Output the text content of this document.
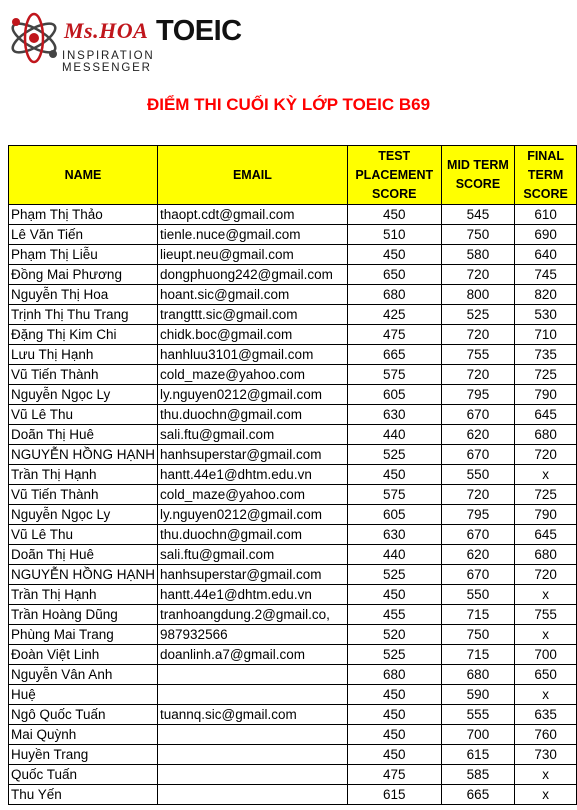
Ms.HOA TOEIC
INSPIRATION MESSENGER
ĐIỂM THI CUỐI KỲ LỚP TOEIC B69
NAME	EMAIL	TEST PLACEMENT SCORE	MID TERM SCORE	FINAL TERM SCORE
Phạm Thị Thảo	thaopt.cdt@gmail.com	450	545	610
Lê Văn Tiến	tienle.nuce@gmail.com	510	750	690
Phạm Thị Liễu	lieupt.neu@gmail.com	450	580	640
Đồng Mai Phương	dongphuong242@gmail.com	650	720	745
Nguyễn Thị Hoa	hoant.sic@gmail.com	680	800	820
Trịnh Thị Thu Trang	trangttt.sic@gmail.com	425	525	530
Đặng Thị Kim Chi	chidk.boc@gmail.com	475	720	710
Lưu Thị Hạnh	hanhluu3101@gmail.com	665	755	735
Vũ Tiến Thành	cold_maze@yahoo.com	575	720	725
Nguyễn Ngọc Ly	ly.nguyen0212@gmail.com	605	795	790
Vũ Lê Thu	thu.duochn@gmail.com	630	670	645
Doãn Thị Huê	sali.ftu@gmail.com	440	620	680
NGUYỄN HỒNG HẠNH	hanhsuperstar@gmail.com	525	670	720
Trần Thị Hạnh	hantt.44e1@dhtm.edu.vn	450	550	x
Vũ Tiến Thành	cold_maze@yahoo.com	575	720	725
Nguyễn Ngọc Ly	ly.nguyen0212@gmail.com	605	795	790
Vũ Lê Thu	thu.duochn@gmail.com	630	670	645
Doãn Thị Huê	sali.ftu@gmail.com	440	620	680
NGUYỄN HỒNG HẠNH	hanhsuperstar@gmail.com	525	670	720
Trần Thị Hạnh	hantt.44e1@dhtm.edu.vn	450	550	x
Trần Hoàng Dũng	tranhoangdung.2@gmail.co,	455	715	755
Phùng Mai Trang	987932566	520	750	x
Đoàn Việt Linh	doanlinh.a7@gmail.com	525	715	700
Nguyễn Vân Anh		680	680	650
Huệ		450	590	x
Ngô Quốc Tuấn	tuannq.sic@gmail.com	450	555	635
Mai Quỳnh		450	700	760
Huyền Trang		450	615	730
Quốc Tuấn		475	585	x
Thu Yến		615	665	x
